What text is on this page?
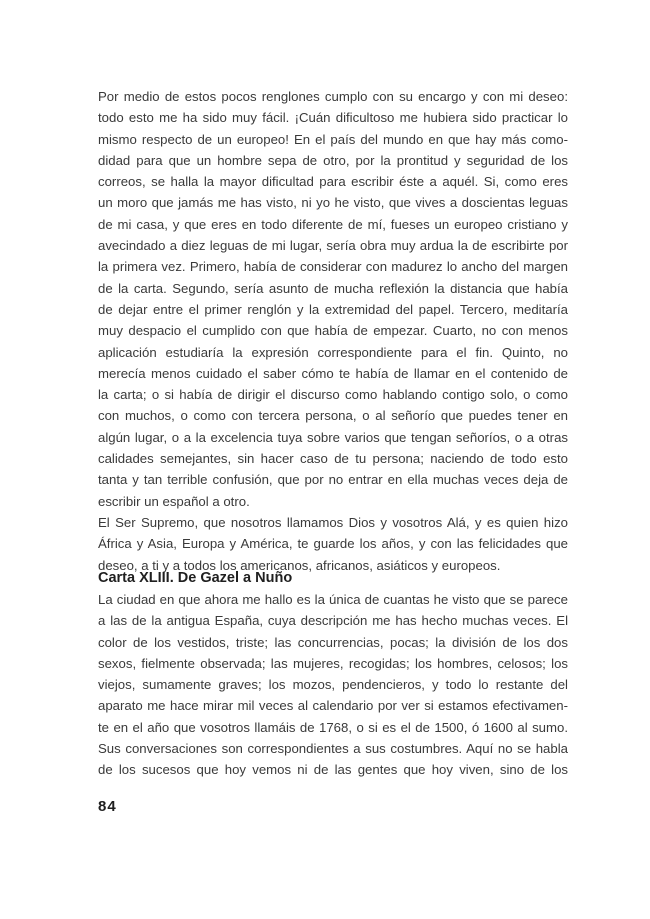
Por medio de estos pocos renglones cumplo con su encargo y con mi deseo:

todo esto me ha sido muy fácil. ¡Cuán dificultoso me hubiera sido practicar lo

mismo respecto de un europeo! En el país del mundo en que hay más como-

didad para que un hombre sepa de otro, por la prontitud y seguridad de los

correos, se halla la mayor dificultad para escribir éste a aquél. Si, como eres

un moro que jamás me has visto, ni yo he visto, que vives a doscientas leguas

de mi casa, y que eres en todo diferente de mí, fueses un europeo cristiano y

avecindado a diez leguas de mi lugar, sería obra muy ardua la de escribirte por

la primera vez. Primero, había de considerar con madurez lo ancho del margen

de la carta. Segundo, sería asunto de mucha reflexión la distancia que había

de dejar entre el primer renglón y la extremidad del papel. Tercero, meditaría

muy despacio el cumplido con que había de empezar. Cuarto, no con menos

aplicación estudiaría la expresión correspondiente para el fin. Quinto, no

merecía menos cuidado el saber cómo te había de llamar en el contenido de

la carta; o si había de dirigir el discurso como hablando contigo solo, o como

con muchos, o como con tercera persona, o al señorío que puedes tener en

algún lugar, o a la excelencia tuya sobre varios que tengan señoríos, o a otras

calidades semejantes, sin hacer caso de tu persona; naciendo de todo esto

tanta y tan terrible confusión, que por no entrar en ella muchas veces deja de

escribir un español a otro.

El Ser Supremo, que nosotros llamamos Dios y vosotros Alá, y es quien hizo

África y Asia, Europa y América, te guarde los años, y con las felicidades que

deseo, a ti y a todos los americanos, africanos, asiáticos y europeos.

Carta XLIII. De Gazel a Nuño

La ciudad en que ahora me hallo es la única de cuantas he visto que se parece

a las de la antigua España, cuya descripción me has hecho muchas veces. El

color de los vestidos, triste; las concurrencias, pocas; la división de los dos

sexos, fielmente observada; las mujeres, recogidas; los hombres, celosos; los

viejos, sumamente graves; los mozos, pendencieros, y todo lo restante del

aparato me hace mirar mil veces al calendario por ver si estamos efectivamen-

te en el año que vosotros llamáis de 1768, o si es el de 1500, ó 1600 al sumo.

Sus conversaciones son correspondientes a sus costumbres. Aquí no se habla

de los sucesos que hoy vemos ni de las gentes que hoy viven, sino de los

84
